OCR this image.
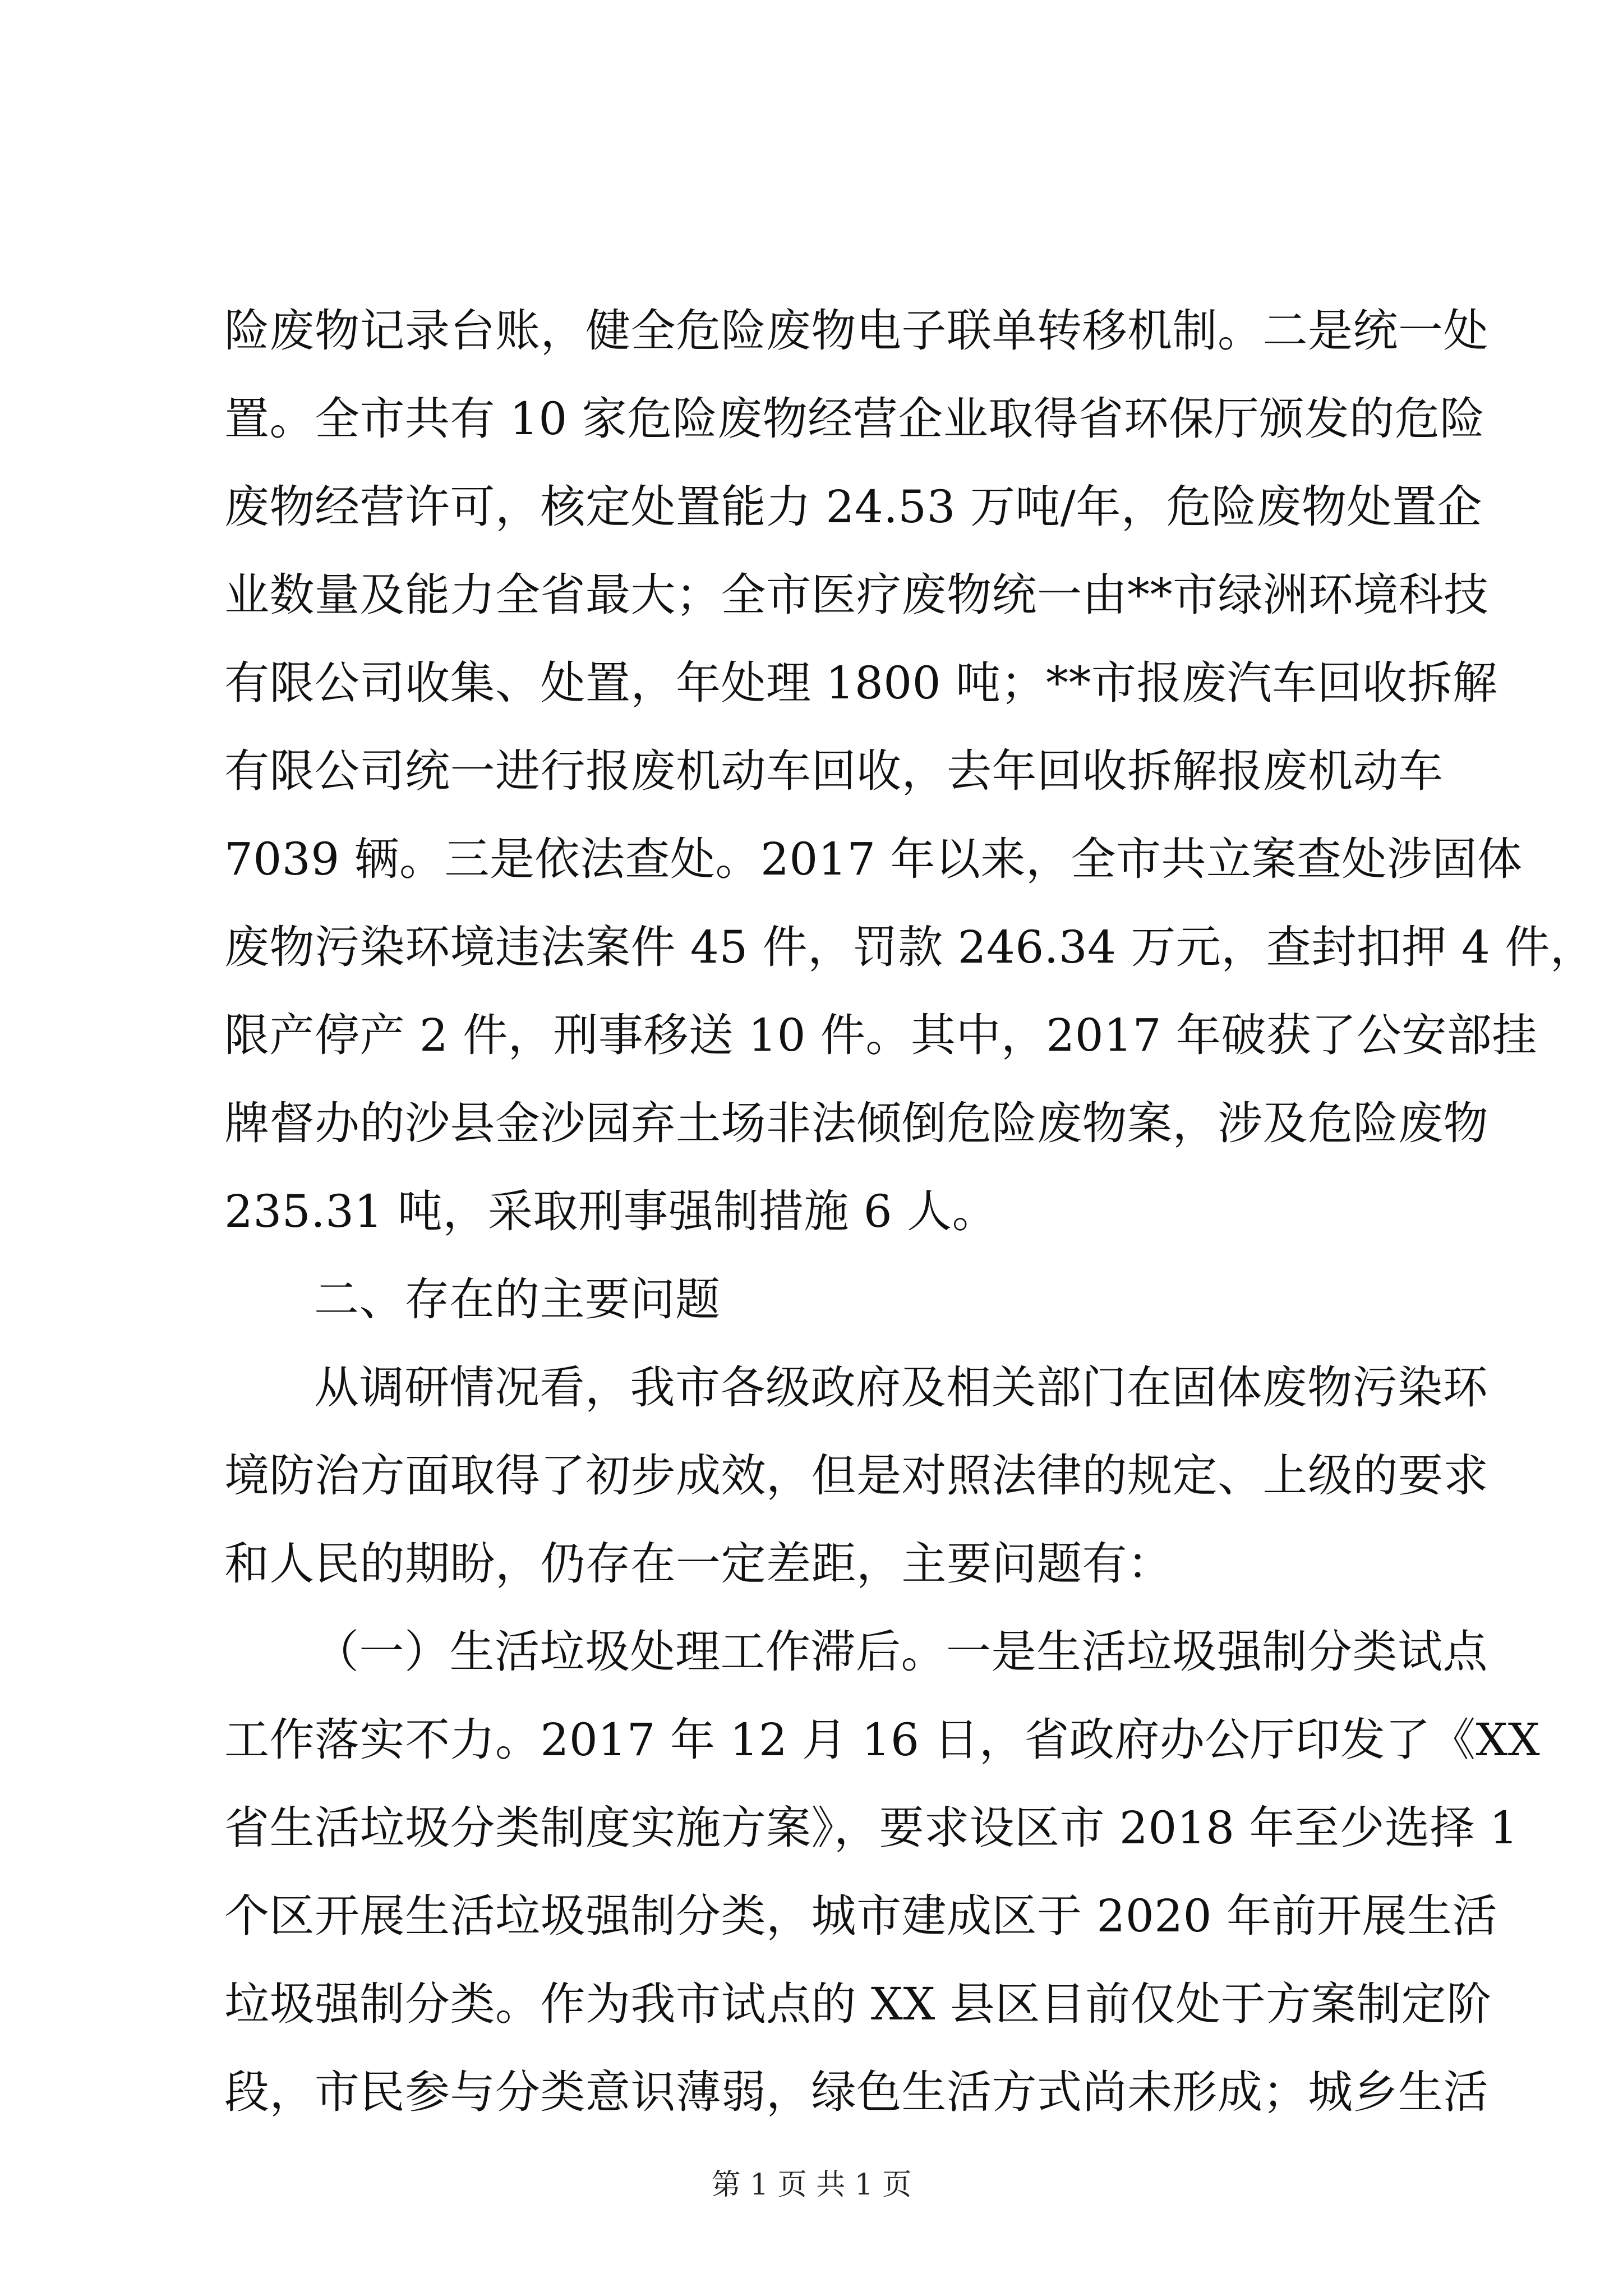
险废物记录台账，健全危险废物电子联单转移机制。二是统一处
置。全市共有 10 家危险废物经营企业取得省环保厅颁发的危险
废物经营许可，核定处置能力 24.53 万吨/年，危险废物处置企
业数量及能力全省最大；全市医疗废物统一由**市绿洲环境科技
有限公司收集、处置，年处理 1800 吨；**市报废汽车回收拆解
有限公司统一进行报废机动车回收，去年回收拆解报废机动车
7039 辆。三是依法查处。2017 年以来，全市共立案查处涉固体
废物污染环境违法案件 45 件，罚款 246.34 万元，查封扣押 4 件，
限产停产 2 件，刑事移送 10 件。其中，2017 年破获了公安部挂
牌督办的沙县金沙园弃土场非法倾倒危险废物案，涉及危险废物
235.31 吨，采取刑事强制措施 6 人。
二、存在的主要问题
从调研情况看，我市各级政府及相关部门在固体废物污染环
境防治方面取得了初步成效，但是对照法律的规定、上级的要求
和人民的期盼，仍存在一定差距，主要问题有：
（一）生活垃圾处理工作滞后。一是生活垃圾强制分类试点
工作落实不力。2017 年 12 月 16 日，省政府办公厅印发了《XX
省生活垃圾分类制度实施方案》，要求设区市 2018 年至少选择 1
个区开展生活垃圾强制分类，城市建成区于 2020 年前开展生活
垃圾强制分类。作为我市试点的 XX 县区目前仅处于方案制定阶
段，市民参与分类意识薄弱，绿色生活方式尚未形成；城乡生活
第 1 页 共 1 页
